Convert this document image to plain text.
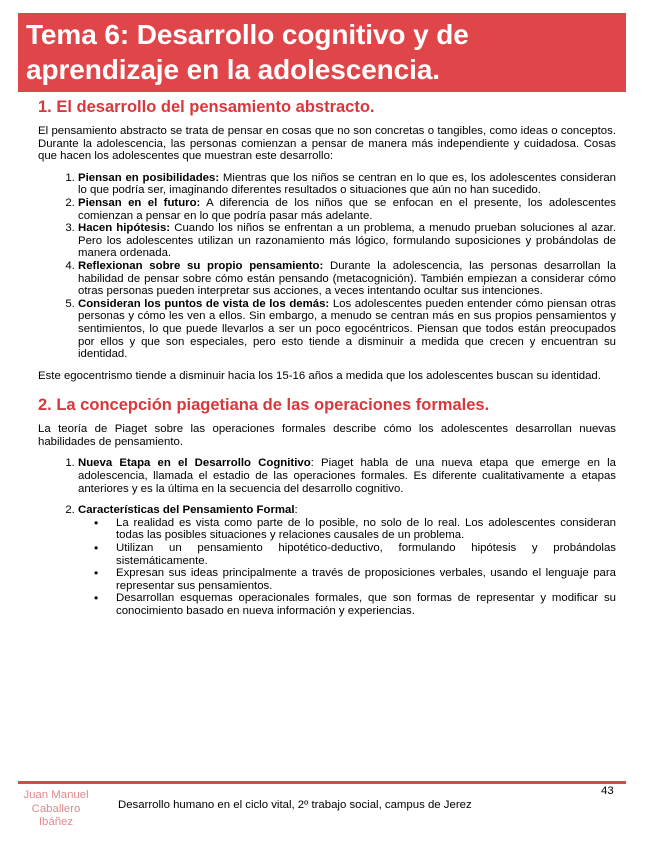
Tema 6: Desarrollo cognitivo y de
aprendizaje en la adolescencia.
1. El desarrollo del pensamiento abstracto.

El pensamiento abstracto se trata de pensar en cosas que no son concretas o tangibles, como ideas o conceptos. Durante la adolescencia, las personas comienzan a pensar de manera más independiente y cuidadosa. Cosas que hacen los adolescentes que muestran este desarrollo:

1. Piensan en posibilidades: Mientras que los niños se centran en lo que es, los adolescentes consideran lo que podría ser, imaginando diferentes resultados o situaciones que aún no han sucedido.
2. Piensan en el futuro: A diferencia de los niños que se enfocan en el presente, los adolescentes comienzan a pensar en lo que podría pasar más adelante.
3. Hacen hipótesis: Cuando los niños se enfrentan a un problema, a menudo prueban soluciones al azar. Pero los adolescentes utilizan un razonamiento más lógico, formulando suposiciones y probándolas de manera ordenada.
4. Reflexionan sobre su propio pensamiento: Durante la adolescencia, las personas desarrollan la habilidad de pensar sobre cómo están pensando (metacognición). También empiezan a considerar cómo otras personas pueden interpretar sus acciones, a veces intentando ocultar sus intenciones.
5. Consideran los puntos de vista de los demás: Los adolescentes pueden entender cómo piensan otras personas y cómo les ven a ellos. Sin embargo, a menudo se centran más en sus propios pensamientos y sentimientos, lo que puede llevarlos a ser un poco egocéntricos. Piensan que todos están preocupados por ellos y que son especiales, pero esto tiende a disminuir a medida que crecen y encuentran su identidad.

Este egocentrismo tiende a disminuir hacia los 15-16 años a medida que los adolescentes buscan su identidad.

2. La concepción piagetiana de las operaciones formales.

La teoría de Piaget sobre las operaciones formales describe cómo los adolescentes desarrollan nuevas habilidades de pensamiento.

1. Nueva Etapa en el Desarrollo Cognitivo: Piaget habla de una nueva etapa que emerge en la adolescencia, llamada el estadio de las operaciones formales. Es diferente cualitativamente a etapas anteriores y es la última en la secuencia del desarrollo cognitivo.
2. Características del Pensamiento Formal:
• La realidad es vista como parte de lo posible, no solo de lo real. Los adolescentes consideran todas las posibles situaciones y relaciones causales de un problema.
• Utilizan un pensamiento hipotético-deductivo, formulando hipótesis y probándolas sistemáticamente.
• Expresan sus ideas principalmente a través de proposiciones verbales, usando el lenguaje para representar sus pensamientos.
• Desarrollan esquemas operacionales formales, que son formas de representar y modificar su conocimiento basado en nueva información y experiencias.
Juan Manuel
Caballero
Ibáñez
Desarrollo humano en el ciclo vital, 2º trabajo social, campus de Jerez
43
